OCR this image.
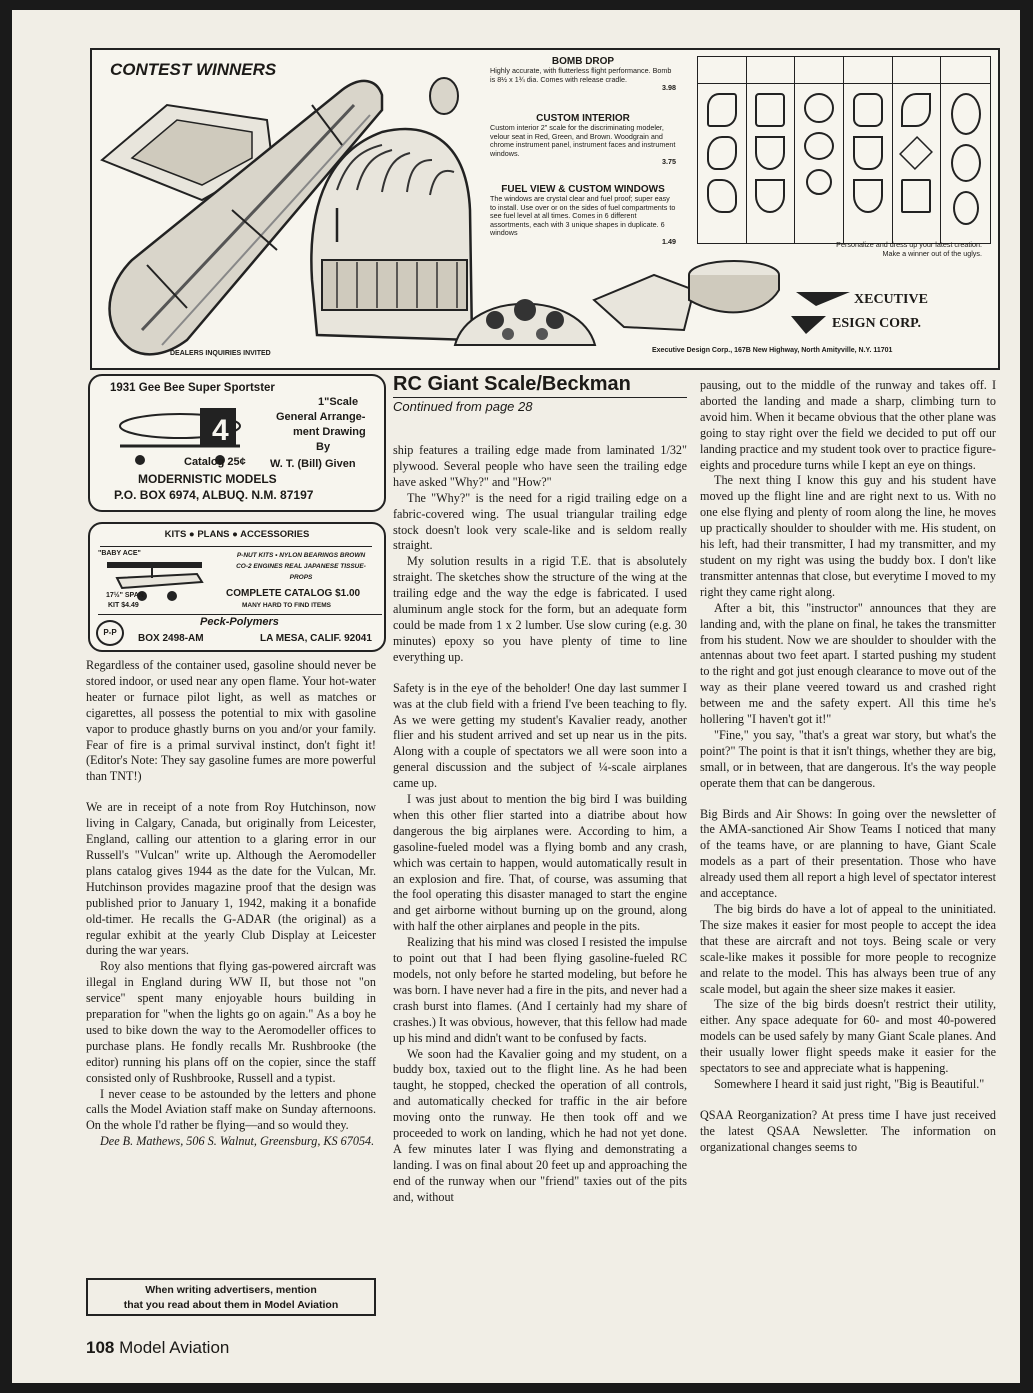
CONTEST WINNERS
DEALERS INQUIRIES INVITED
BOMB DROP
Highly accurate, with flutterless flight performance. Bomb is 8½ x 1¾ dia. Comes with release cradle.
3.98
CUSTOM INTERIOR
Custom interior 2" scale for the discriminating modeler, velour seat in Red, Green, and Brown. Woodgrain and chrome instrument panel, instrument faces and instrument windows.
3.75
FUEL VIEW & CUSTOM WINDOWS
The windows are crystal clear and fuel proof; super easy to install. Use over or on the sides of fuel compartments to see fuel level at all times. Comes in 6 different assortments, each with 3 unique shapes in duplicate. 6 windows
1.49	Personalize and dress up your latest creation. Make a winner out of the uglys.
XECUTIVE
ESIGN CORP.
Executive Design Corp., 167B New Highway, North Amityville, N.Y. 11701
1931 Gee Bee Super Sportster
4
1"Scale
General Arrange-
ment Drawing
By
Catalog 25¢ W. T. (Bill) Given
MODERNISTIC MODELS
P.O. BOX 6974, ALBUQ. N.M. 87197
KITS ● PLANS ● ACCESSORIES
"BABY ACE"
17½" SPAN
KIT $4.49
P-NUT KITS • NYLON BEARINGS BROWN CO-2 ENGINES REAL JAPANESE TISSUE-PROPS
COMPLETE CATALOG $1.00
MANY HARD TO FIND ITEMS
P-P
Peck-Polymers
BOX 2498-AM	LA MESA, CALIF. 92041
RC Giant Scale/Beckman
Continued from page 28

Regardless of the container used, gasoline should never be stored indoor, or used near any open flame. Your hot-water heater or furnace pilot light, as well as matches or cigarettes, all possess the potential to mix with gasoline vapor to produce ghastly burns on you and/or your family. Fear of fire is a primal survival instinct, don't fight it! (Editor's Note: They say gasoline fumes are more powerful than TNT!)

We are in receipt of a note from Roy Hutchinson, now living in Calgary, Canada, but originally from Leicester, England, calling our attention to a glaring error in our Russell's "Vulcan" write up. Although the Aeromodeller plans catalog gives 1944 as the date for the Vulcan, Mr. Hutchinson provides magazine proof that the design was published prior to January 1, 1942, making it a bonafide old-timer. He recalls the G-ADAR (the original) as a regular exhibit at the yearly Club Display at Leicester during the war years.

Roy also mentions that flying gas-powered aircraft was illegal in England during WW II, but those not "on service" spent many enjoyable hours building in preparation for "when the lights go on again." As a boy he used to bike down the way to the Aeromodeller offices to purchase plans. He fondly recalls Mr. Rushbrooke (the editor) running his plans off on the copier, since the staff consisted only of Rushbrooke, Russell and a typist.

I never cease to be astounded by the letters and phone calls the Model Aviation staff make on Sunday afternoons. On the whole I'd rather be flying—and so would they.

Dee B. Mathews, 506 S. Walnut, Greensburg, KS 67054.

ship features a trailing edge made from laminated 1/32" plywood. Several people who have seen the trailing edge have asked "Why?" and "How?"

The "Why?" is the need for a rigid trailing edge on a fabric-covered wing. The usual triangular trailing edge stock doesn't look very scale-like and is seldom really straight.

My solution results in a rigid T.E. that is absolutely straight. The sketches show the structure of the wing at the trailing edge and the way the edge is fabricated. I used aluminum angle stock for the form, but an adequate form could be made from 1 x 2 lumber. Use slow curing (e.g. 30 minutes) epoxy so you have plenty of time to line everything up.

Safety is in the eye of the beholder! One day last summer I was at the club field with a friend I've been teaching to fly. As we were getting my student's Kavalier ready, another flier and his student arrived and set up near us in the pits. Along with a couple of spectators we all were soon into a general discussion and the subject of ¼-scale airplanes came up.

I was just about to mention the big bird I was building when this other flier started into a diatribe about how dangerous the big airplanes were. According to him, a gasoline-fueled model was a flying bomb and any crash, which was certain to happen, would automatically result in an explosion and fire. That, of course, was assuming that the fool operating this disaster managed to start the engine and get airborne without burning up on the ground, along with half the other airplanes and people in the pits.

Realizing that his mind was closed I resisted the impulse to point out that I had been flying gasoline-fueled RC models, not only before he started modeling, but before he was born. I have never had a fire in the pits, and never had a crash burst into flames. (And I certainly had my share of crashes.) It was obvious, however, that this fellow had made up his mind and didn't want to be confused by facts.

We soon had the Kavalier going and my student, on a buddy box, taxied out to the flight line. As he had been taught, he stopped, checked the operation of all controls, and automatically checked for traffic in the air before moving onto the runway. He then took off and we proceeded to work on landing, which he had not yet done. A few minutes later I was flying and demonstrating a landing. I was on final about 20 feet up and approaching the end of the runway when our "friend" taxies out of the pits and, without

pausing, out to the middle of the runway and takes off. I aborted the landing and made a sharp, climbing turn to avoid him. When it became obvious that the other plane was going to stay right over the field we decided to put off our landing practice and my student took over to practice figure-eights and procedure turns while I kept an eye on things.

The next thing I know this guy and his student have moved up the flight line and are right next to us. With no one else flying and plenty of room along the line, he moves up practically shoulder to shoulder with me. His student, on his left, had their transmitter, I had my transmitter, and my student on my right was using the buddy box. I don't like transmitter antennas that close, but everytime I moved to my right they came right along.

After a bit, this "instructor" announces that they are landing and, with the plane on final, he takes the transmitter from his student. Now we are shoulder to shoulder with the antennas about two feet apart. I started pushing my student to the right and got just enough clearance to move out of the way as their plane veered toward us and crashed right between me and the safety expert. All this time he's hollering "I haven't got it!"

"Fine," you say, "that's a great war story, but what's the point?" The point is that it isn't things, whether they are big, small, or in between, that are dangerous. It's the way people operate them that can be dangerous.

Big Birds and Air Shows: In going over the newsletter of the AMA-sanctioned Air Show Teams I noticed that many of the teams have, or are planning to have, Giant Scale models as a part of their presentation. Those who have already used them all report a high level of spectator interest and acceptance.

The big birds do have a lot of appeal to the uninitiated. The size makes it easier for most people to accept the idea that these are aircraft and not toys. Being scale or very scale-like makes it possible for more people to recognize and relate to the model. This has always been true of any scale model, but again the sheer size makes it easier.

The size of the big birds doesn't restrict their utility, either. Any space adequate for 60- and most 40-powered models can be used safely by many Giant Scale planes. And their usually lower flight speeds make it easier for the spectators to see and appreciate what is happening.

Somewhere I heard it said just right, "Big is Beautiful."

QSAA Reorganization? At press time I have just received the latest QSAA Newsletter. The information on organizational changes seems to

When writing advertisers, mention
that you read about them in Model Aviation
108 Model Aviation
